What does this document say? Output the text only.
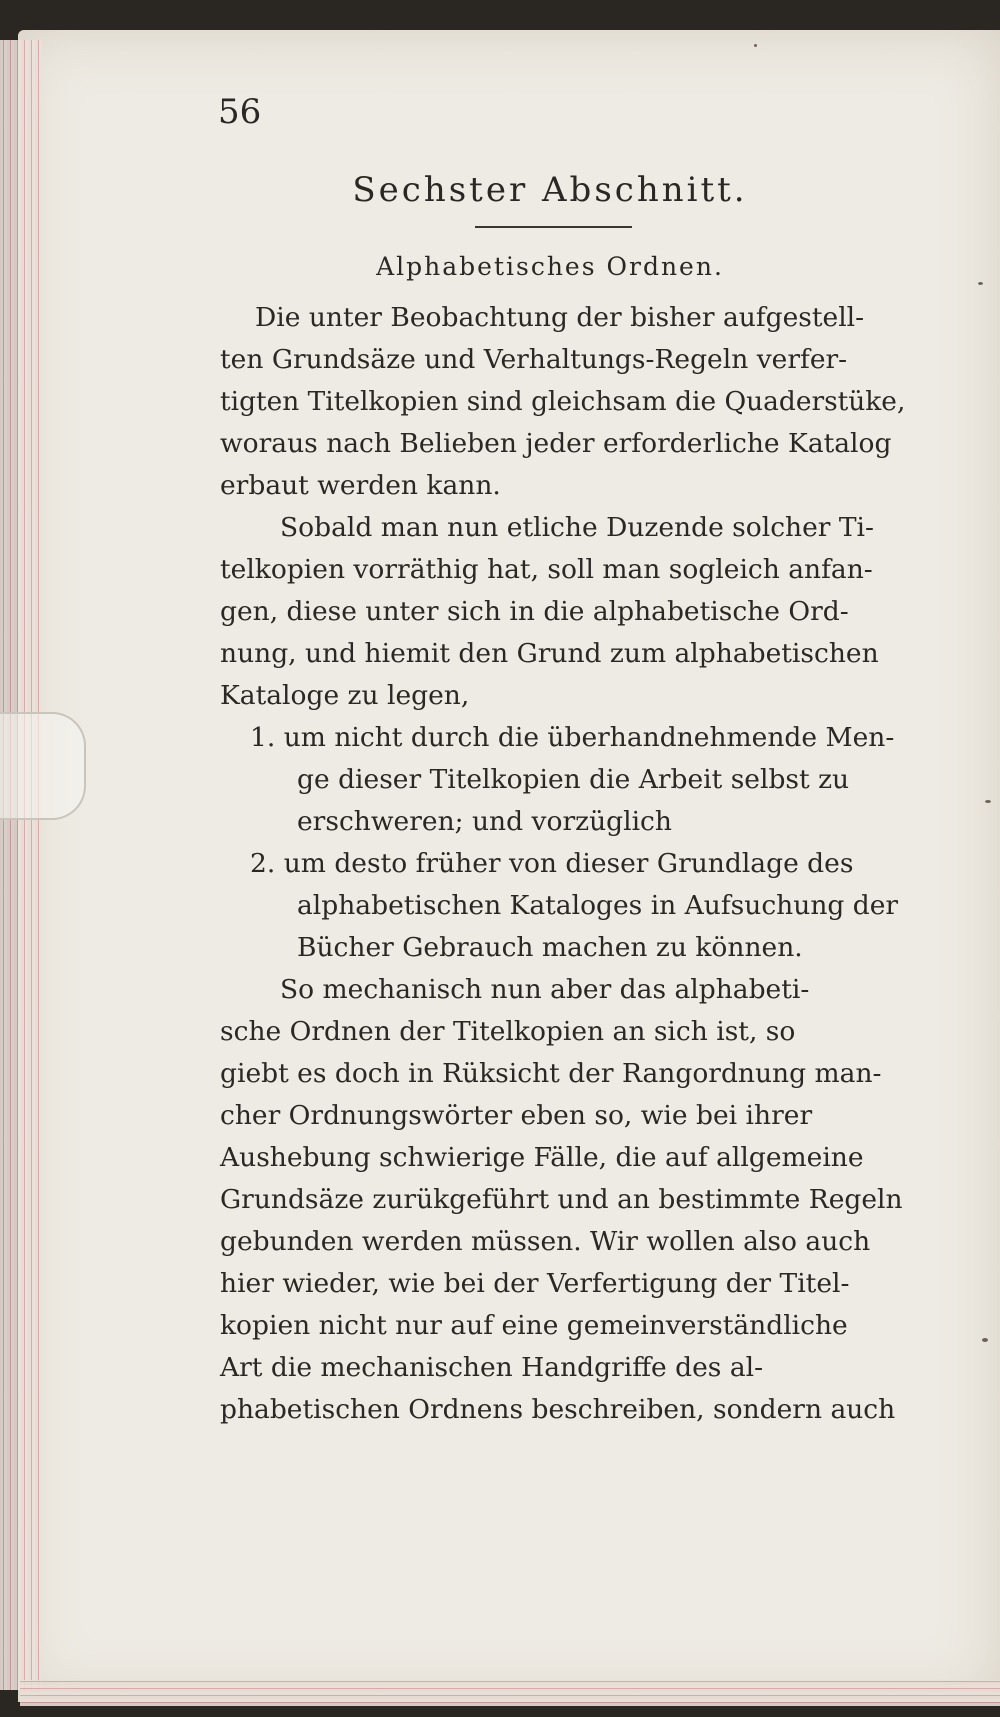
56
Sechster Abschnitt.
Alphabetisches Ordnen.
Die unter Beobachtung der bisher aufgestell-
ten Grundsäze und Verhaltungs-Regeln verfer-
tigten Titelkopien sind gleichsam die Quaderstüke,
woraus nach Belieben jeder erforderliche Katalog
erbaut werden kann.
Sobald man nun etliche Duzende solcher Ti-
telkopien vorräthig hat, soll man sogleich anfan-
gen, diese unter sich in die alphabetische Ord-
nung, und hiemit den Grund zum alphabetischen
Kataloge zu legen,
1. um nicht durch die überhandnehmende Men-
ge dieser Titelkopien die Arbeit selbst zu
erschweren; und vorzüglich
2. um desto früher von dieser Grundlage des
alphabetischen Kataloges in Aufsuchung der
Bücher Gebrauch machen zu können.
So mechanisch nun aber das alphabeti-
sche Ordnen der Titelkopien an sich ist, so
giebt es doch in Rüksicht der Rangordnung man-
cher Ordnungswörter eben so, wie bei ihrer
Aushebung schwierige Fälle, die auf allgemeine
Grundsäze zurükgeführt und an bestimmte Regeln
gebunden werden müssen. Wir wollen also auch
hier wieder, wie bei der Verfertigung der Titel-
kopien nicht nur auf eine gemeinverständliche
Art die mechanischen Handgriffe des al-
phabetischen Ordnens beschreiben, sondern auch
